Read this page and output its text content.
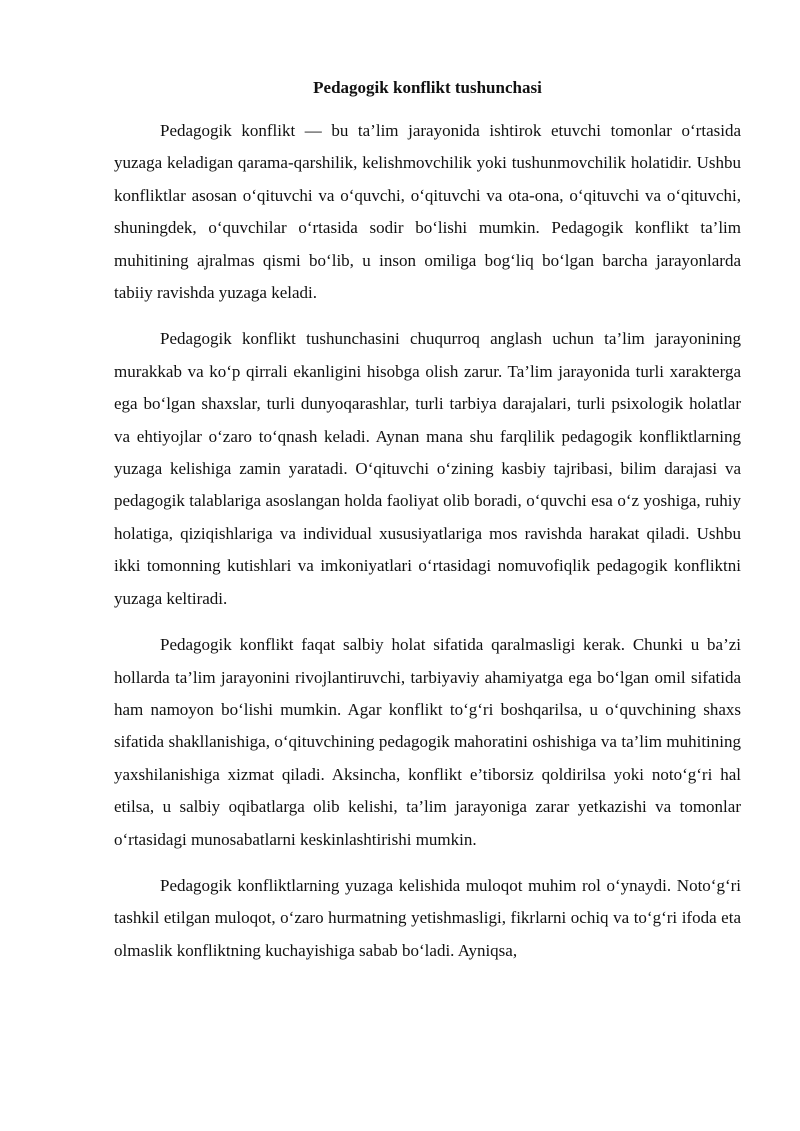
Pedagogik konflikt tushunchasi

Pedagogik konflikt — bu ta’lim jarayonida ishtirok etuvchi tomonlar o‘rtasida yuzaga keladigan qarama-qarshilik, kelishmovchilik yoki tushunmovchilik holatidir. Ushbu konfliktlar asosan o‘qituvchi va o‘quvchi, o‘qituvchi va ota-ona, o‘qituvchi va o‘qituvchi, shuningdek, o‘quvchilar o‘rtasida sodir bo‘lishi mumkin. Pedagogik konflikt ta’lim muhitining ajralmas qismi bo‘lib, u inson omiliga bog‘liq bo‘lgan barcha jarayonlarda tabiiy ravishda yuzaga keladi.

Pedagogik konflikt tushunchasini chuqurroq anglash uchun ta’lim jarayonining murakkab va ko‘p qirrali ekanligini hisobga olish zarur. Ta’lim jarayonida turli xarakterga ega bo‘lgan shaxslar, turli dunyoqarashlar, turli tarbiya darajalari, turli psixologik holatlar va ehtiyojlar o‘zaro to‘qnash keladi. Aynan mana shu farqlilik pedagogik konfliktlarning yuzaga kelishiga zamin yaratadi. O‘qituvchi o‘zining kasbiy tajribasi, bilim darajasi va pedagogik talablariga asoslangan holda faoliyat olib boradi, o‘quvchi esa o‘z yoshiga, ruhiy holatiga, qiziqishlariga va individual xususiyatlariga mos ravishda harakat qiladi. Ushbu ikki tomonning kutishlari va imkoniyatlari o‘rtasidagi nomuvofiqlik pedagogik konfliktni yuzaga keltiradi.

Pedagogik konflikt faqat salbiy holat sifatida qaralmasligi kerak. Chunki u ba’zi hollarda ta’lim jarayonini rivojlantiruvchi, tarbiyaviy ahamiyatga ega bo‘lgan omil sifatida ham namoyon bo‘lishi mumkin. Agar konflikt to‘g‘ri boshqarilsa, u o‘quvchining shaxs sifatida shakllanishiga, o‘qituvchining pedagogik mahoratini oshishiga va ta’lim muhitining yaxshilanishiga xizmat qiladi. Aksincha, konflikt e’tiborsiz qoldirilsa yoki noto‘g‘ri hal etilsa, u salbiy oqibatlarga olib kelishi, ta’lim jarayoniga zarar yetkazishi va tomonlar o‘rtasidagi munosabatlarni keskinlashtirishi mumkin.

Pedagogik konfliktlarning yuzaga kelishida muloqot muhim rol o‘ynaydi. Noto‘g‘ri tashkil etilgan muloqot, o‘zaro hurmatning yetishmasligi, fikrlarni ochiq va to‘g‘ri ifoda eta olmaslik konfliktning kuchayishiga sabab bo‘ladi. Ayniqsa,
